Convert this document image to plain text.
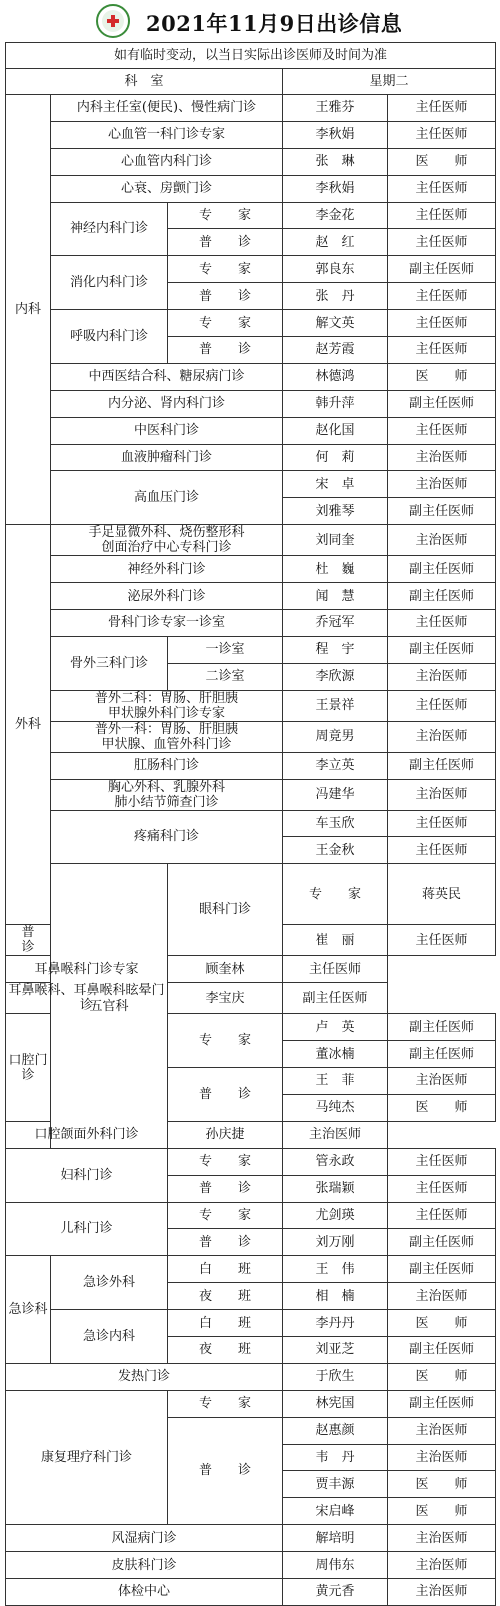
2021年11月9日出诊信息
如有临时变动，以当日实际出诊医师及时间为准					
科　室			星期二		
内科	内科主任室(便民)、慢性病门诊		王雅芬	主任医师	
	心血管一科门诊专家		李秋娟	主任医师	
	心血管内科门诊		张　琳	医　　师	
	心衰、房颤门诊		李秋娟	主任医师	
	神经内科门诊	专　　家	李金花	主任医师	
		普　　诊	赵　红	主任医师	
	消化内科门诊	专　　家	郭良东	副主任医师	
		普　　诊	张　丹	主任医师	
	呼吸内科门诊	专　　家	解文英	主任医师	
		普　　诊	赵芳霞	主任医师	
	中西医结合科、糖尿病门诊		林德鸿	医　　师	
	内分泌、肾内科门诊		韩升萍	副主任医师	
	中医科门诊		赵化国	主任医师	
	血液肿瘤科门诊		何　莉	主治医师	
	高血压门诊		宋　卓	主治医师	
			刘雅琴	副主任医师	
外科	手足显微外科、烧伤整形科
创面治疗中心专科门诊		刘同奎	主治医师	
	神经外科门诊		杜　巍	副主任医师	
	泌尿外科门诊		闻　慧	副主任医师	
	骨科门诊专家一诊室		乔冠军	主任医师	
	骨外三科门诊	一诊室	程　宇	副主任医师	
		二诊室	李欣源	主治医师	
	普外二科：胃肠、肝胆胰
甲状腺外科门诊专家		王景祥	主任医师	
	普外一科：胃肠、肝胆胰
甲状腺、血管外科门诊		周竟男	主治医师	
	肛肠科门诊		李立英	副主任医师	
	胸心外科、乳腺外科
肺小结节筛查门诊		冯建华	主治医师	
	疼痛科门诊		车玉欣	主任医师	
			王金秋	主任医师	
	五官科	眼科门诊	专　　家	蒋英民	
普　　诊			崔　丽	主任医师	
耳鼻喉科门诊专家		顾奎林	主任医师		
耳鼻喉科、耳鼻喉科眩晕门诊		李宝庆	副主任医师		
口腔门诊		专　　家	卢　英	副主任医师	
			董冰楠	副主任医师	
		普　　诊	王　菲	主治医师	
			马纯杰	医　　师	
口腔颌面外科门诊		孙庆捷	主治医师		
妇科门诊		专　　家	管永政	主任医师	
		普　　诊	张瑞颖	主任医师	
儿科门诊		专　　家	尤剑瑛	主任医师	
		普　　诊	刘万刚	副主任医师	
急诊科	急诊外科	白　　班	王　伟	副主任医师	
		夜　　班	相　楠	主治医师	
	急诊内科	白　　班	李丹丹	医　　师	
		夜　　班	刘亚芝	副主任医师	
发热门诊			于欣生	医　　师	
康复理疗科门诊		专　　家	林宪国	副主任医师	
		普　　诊	赵惠颜	主治医师	
			韦　丹	主治医师	
			贾丰源	医　　师	
			宋启峰	医　　师	
风湿病门诊			解培明	主治医师	
皮肤科门诊			周伟东	主治医师	
体检中心			黄元香	主治医师	
